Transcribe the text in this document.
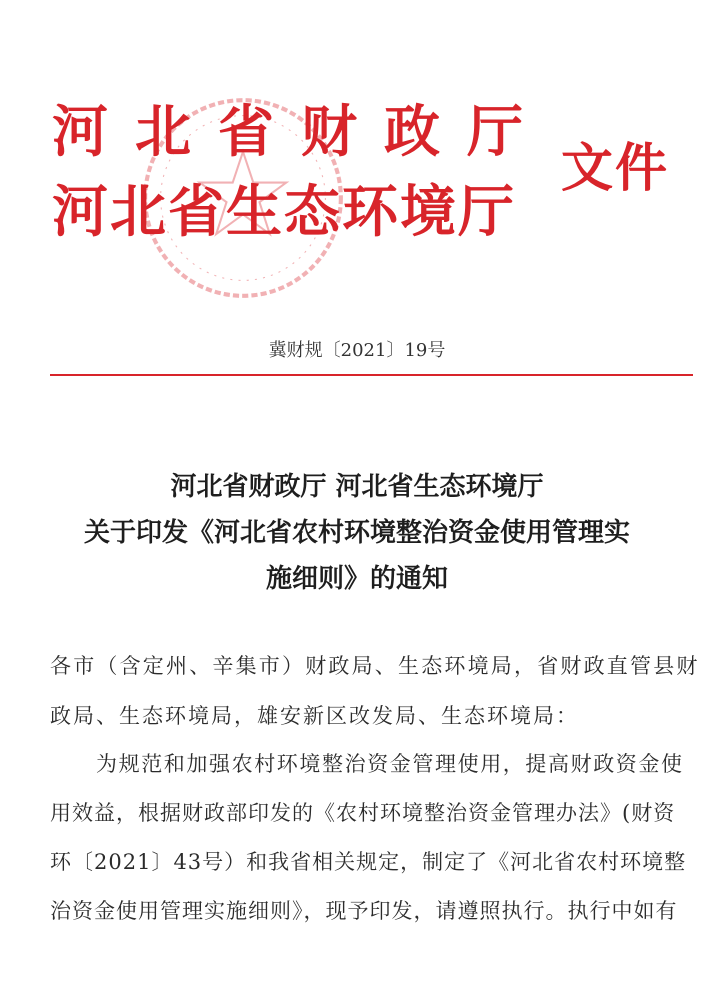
河北省财政厅
河北省生态环境厅
文件
冀财规〔2021〕19号
河北省财政厅 河北省生态环境厅
关于印发《河北省农村环境整治资金使用管理实
施细则》的通知
各市（含定州、辛集市）财政局、生态环境局，省财政直管县财
政局、生态环境局，雄安新区改发局、生态环境局：
为规范和加强农村环境整治资金管理使用，提高财政资金使
用效益，根据财政部印发的《农村环境整治资金管理办法》(财资
环〔2021〕43号）和我省相关规定，制定了《河北省农村环境整
治资金使用管理实施细则》，现予印发，请遵照执行。执行中如有
